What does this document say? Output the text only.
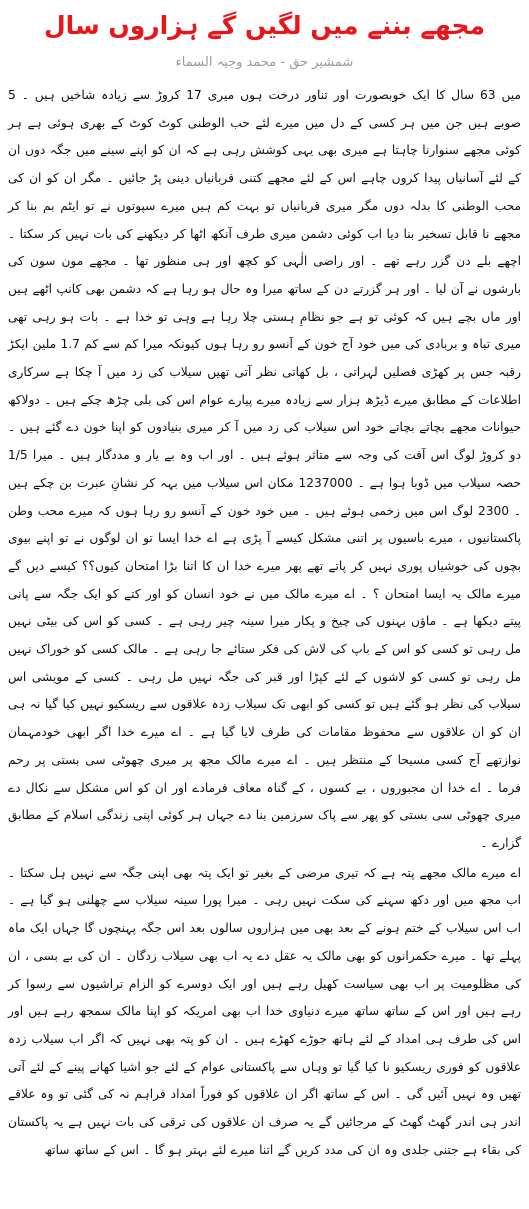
مجھے بننے میں لگیں گے ہزاروں سال
شمشیر حق - محمد وجیہ السماء

میں 63 سال کا ایک خوبصورت اور تناور درخت ہوں میری 17 کروڑ سے زیادہ شاخیں ہیں ۔ 5 صوبے ہیں جن میں ہر کسی کے دل میں میرے لئے حب الوطنی کوٹ کوٹ کے بھری ہوئی ہے ہر کوئی مجھے سنوارنا چاہتا ہے میری بھی یہی کوشش رہی ہے کہ ان کو اپنے سینے میں جگہ دوں ان کے لئے آسانیاں پیدا کروں چاہے اس کے لئے مجھے کتنی قربانیاں دینی پڑ جائیں ۔ مگر ان کو ان کی محب الوطنی کا بدلہ دوں مگر میری قربانیاں تو بہت کم ہیں میرے سپوتوں نے تو ایٹم بم بنا کر مجھے نا قابل تسخیر بنا دیا اب کوئی دشمن میری طرف آنکھ اٹھا کر دیکھنے کی بات نہیں کر سکتا ۔ اچھے بلے دن گزر رہے تھے ۔ اور راضی الٰہی کو کچھ اور ہی منظور تھا ۔ مجھے مون سون کی بارشوں نے آن لیا ۔ اور ہر گزرتے دن کے ساتھ میرا وہ حال ہو رہا ہے کہ دشمن بھی کانپ اٹھے ہیں اور ماں بچے ہیں کہ کوئی تو ہے جو نظامِ ہستی چلا رہا ہے وہی تو خدا ہے ۔ بات ہو رہی تھی میری تباہ و بربادی کی میں خود آج خون کے آنسو رو رہا ہوں کیونکہ میرا کم سے کم 1.7 ملین ایکڑ رقبہ جس پر کھڑی فصلیں لہراتی ، بل کھاتی نظر آتی تھیں سیلاب کی زد میں آ چکا ہے سرکاری اطلاعات کے مطابق میرے ڈیڑھ ہزار سے زیادہ میرے پیارے عوام اس کی بلی چڑھ چکے ہیں ۔ دولاکھ حیوانات مجھے بچاتے بچاتے خود اس سیلاب کی زد میں آ کر میری بنیادوں کو اپنا خون دے گئے ہیں ۔ دو کروڑ لوگ اس آفت کی وجہ سے متاثر ہوئے ہیں ۔ اور اب وہ بے یار و مددگار ہیں ۔ میرا 1/5 حصہ سیلاب میں ڈوبا ہوا ہے ۔ 1237000 مکان اس سیلاب میں بہہ کر نشانِ عبرت بن چکے ہیں ۔ 2300 لوگ اس میں زخمی ہوئے ہیں ۔ میں خود خون کے آنسو رو رہا ہوں کہ میرے محب وطن پاکستانیوں ، میرے باسیوں پر اتنی مشکل کیسے آ پڑی ہے اے خدا ایسا تو ان لوگوں نے تو اپنے بیوی بچوں کی خوشیاں پوری نہیں کر پاتے تھے پھر میرے خدا ان کا اتنا بڑا امتحان کیوں؟؟ کیسے دیں گے میرے مالک یہ ایسا امتحان ؟ ۔ اے میرے مالک میں نے خود انسان کو اور کتے کو ایک جگہ سے پانی پیتے دیکھا ہے ۔ ماؤں بہنوں کی چیخ و پکار میرا سینہ چیر رہی ہے ۔ کسی کو اس کی بیٹی نہیں مل رہی تو کسی کو اس کے باپ کی لاش کی فکر ستائے جا رہی ہے ۔ مالک کسی کو خوراک نہیں مل رہی تو کسی کو لاشوں کے لئے کپڑا اور قبر کی جگہ نہیں مل رہی ۔ کسی کے مویشی اس سیلاب کی نظر ہو گئے ہیں تو کسی کو ابھی تک سیلاب زدہ علاقوں سے ریسکیو نہیں کیا گیا نہ ہی ان کو ان علاقوں سے محفوظ مقامات کی طرف لایا گیا ہے ۔ اے میرے خدا اگر ابھی خودمہمان نوازتھے آج کسی مسیحا کے منتظر ہیں ۔ اے میرے مالک مجھ پر میری چھوٹی سی بستی پر رحم فرما ۔ اے خدا ان مجبوروں ، بے کسوں ، کے گناہ معاف فرمادے اور ان کو اس مشکل سے نکال دے میری چھوٹی سی بستی کو پھر سے پاک سرزمین بنا دے جہاں ہر کوئی اپنی زندگی اسلام کے مطابق گزارے ۔

اے میرے مالک مجھے پتہ ہے کہ تیری مرضی کے بغیر تو ایک پتہ بھی اپنی جگہ سے نہیں ہل سکتا ۔ اب مجھ میں اور دکھ سہنے کی سکت نہیں رہی ۔ میرا پورا سینہ سیلاب سے چھلنی ہو گیا ہے ۔ اب اس سیلاب کے ختم ہونے کے بعد بھی میں ہزاروں سالوں بعد اس جگہ پہنچوں گا جہاں ایک ماہ پہلے تھا ۔ میرے حکمرانوں کو بھی مالک یہ عقل دے یہ اب بھی سیلاب زدگان ۔ ان کی بے بسی ، ان کی مظلومیت پر اب بھی سیاست کھیل رہے ہیں اور ایک دوسرے کو الزام تراشیوں سے رسوا کر رہے ہیں اور اس کے ساتھ ساتھ میرے دنیاوی خدا اب بھی امریکہ کو اپنا مالک سمجھ رہے ہیں اور اس کی طرف ہی امداد کے لئے ہاتھ جوڑے کھڑے ہیں ۔ ان کو پتہ بھی نہیں کہ اگر اب سیلاب زدہ علاقوں کو فوری ریسکیو نا کیا گیا تو وہاں سے پاکستانی عوام کے لئے جو اشیا کھانے پینے کے لئے آتی تھیں وہ نہیں آئیں گی ۔ اس کے ساتھ اگر ان علاقوں کو فوراً امداد فراہم نہ کی گئی تو وہ علاقے اندر ہی اندر گھٹ گھٹ کے مرجائیں گے یہ صرف ان علاقوں کی ترقی کی بات نہیں ہے یہ پاکستان کی بقاء ہے جتنی جلدی وہ ان کی مدد کریں گے اتنا میرے لئے بہتر ہو گا ۔ اس کے ساتھ ساتھ
